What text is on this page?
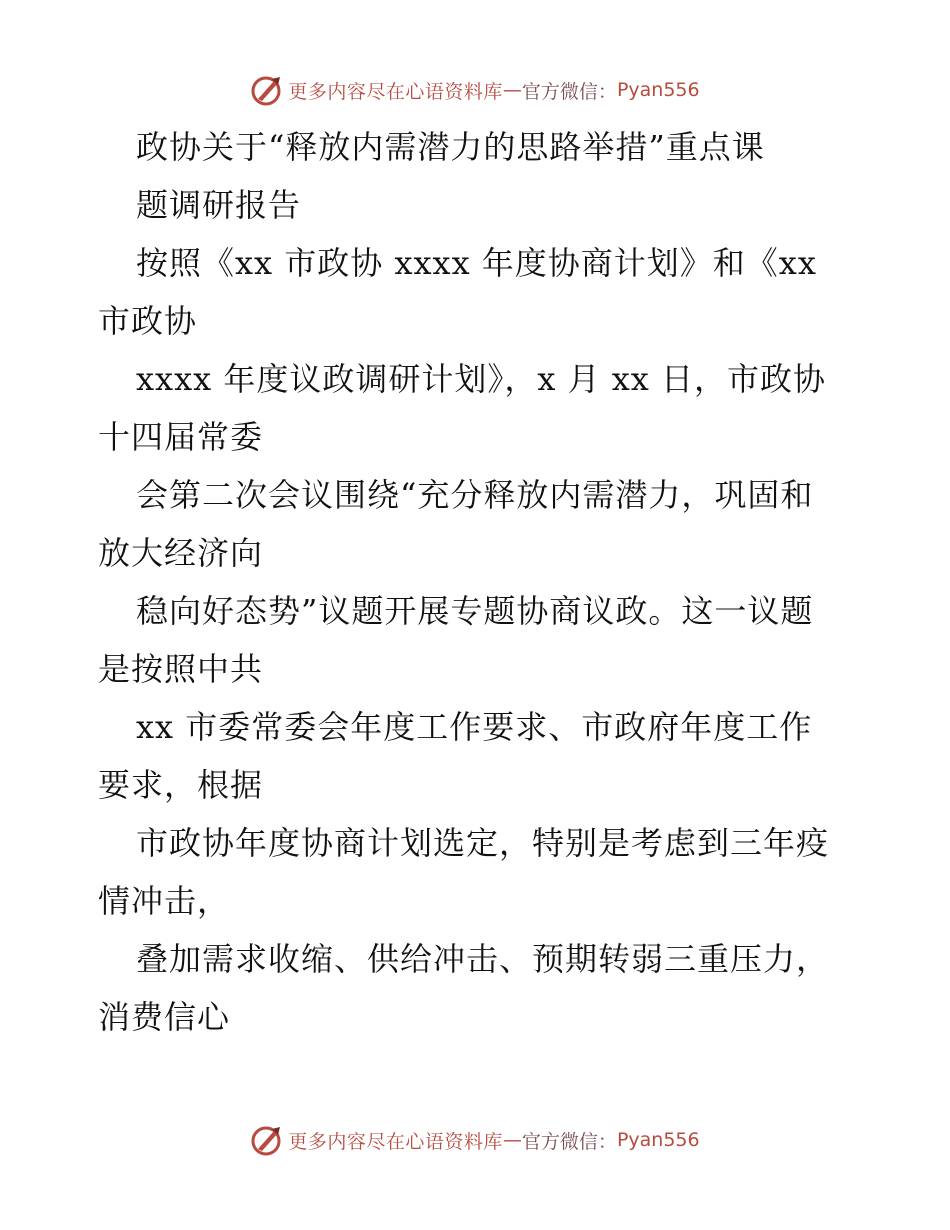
更多内容尽在心语资料库 — 官方微信： Pyan556
政协关于“释放内需潜力的思路举措”重点课
题调研报告
按照《xx 市政协 xxxx 年度协商计划》和《xx
市政协
xxxx 年度议政调研计划》，x 月 xx 日，市政协
十四届常委
会第二次会议围绕“充分释放内需潜力，巩固和
放大经济向
稳向好态势”议题开展专题协商议政。这一议题
是按照中共
xx 市委常委会年度工作要求、市政府年度工作
要求，根据
市政协年度协商计划选定，特别是考虑到三年疫
情冲击，
叠加需求收缩、供给冲击、预期转弱三重压力，
消费信心
更多内容尽在心语资料库 — 官方微信： Pyan556
